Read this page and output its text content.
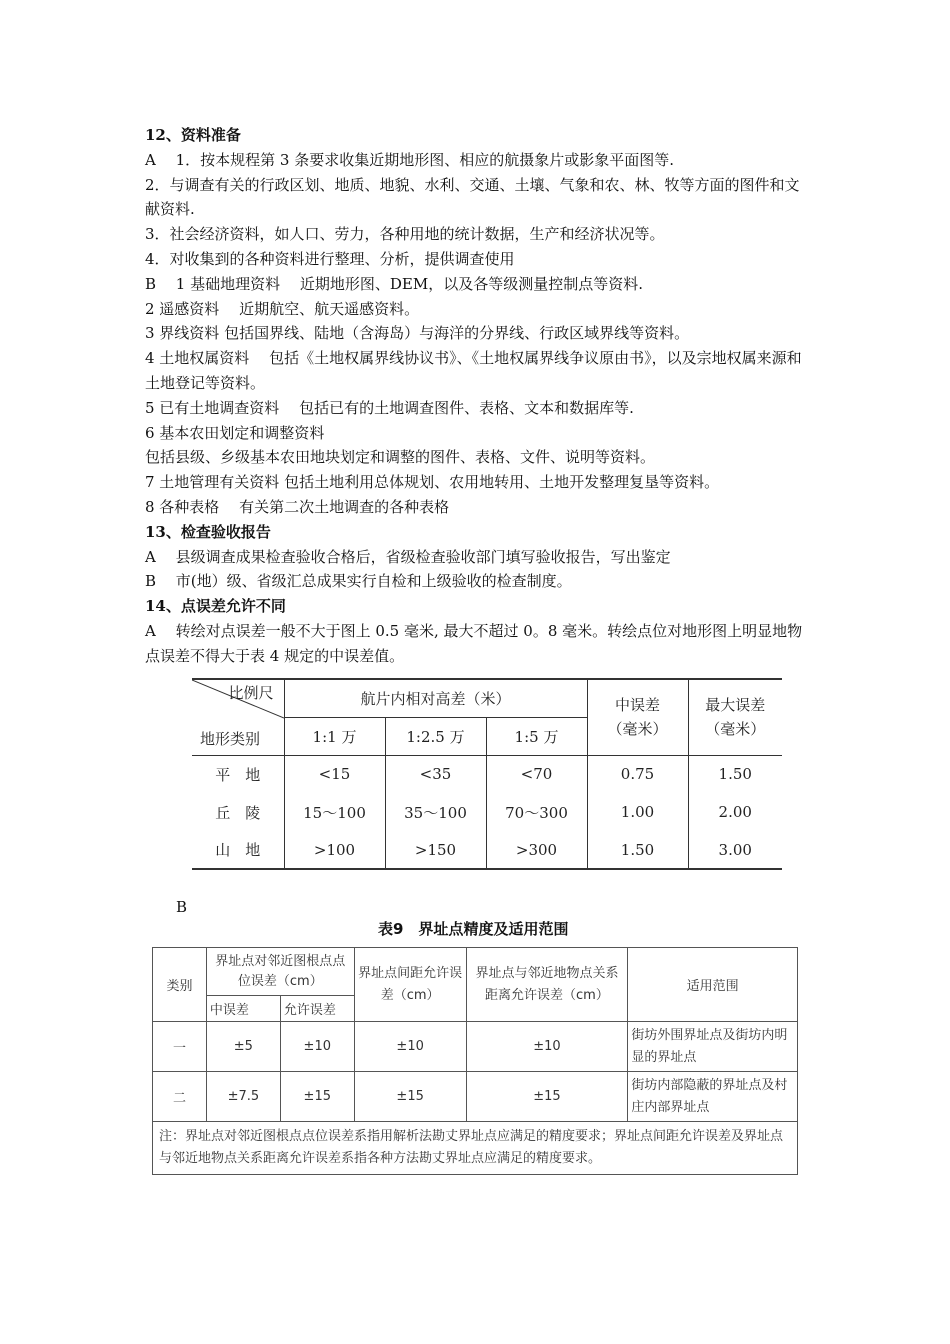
12、资料准备
A　 1．按本规程第 3 条要求收集近期地形图、相应的航摄象片或影象平面图等.
2．与调查有关的行政区划、地质、地貌、水利、交通、土壤、气象和农、林、牧等方面的图件和文献资料.
3．社会经济资料，如人口、劳力，各种用地的统计数据，生产和经济状况等。
4．对收集到的各种资料进行整理、分析，提供调查使用
B　 1 基础地理资料　 近期地形图、DEM，以及各等级测量控制点等资料.
2 遥感资料　 近期航空、航天遥感资料。
3 界线资料 包括国界线、陆地（含海岛）与海洋的分界线、行政区域界线等资料。
4 土地权属资料　 包括《土地权属界线协议书》、《土地权属界线争议原由书》，以及宗地权属来源和土地登记等资料。
5 已有土地调查资料　 包括已有的土地调查图件、表格、文本和数据库等.
6 基本农田划定和调整资料
包括县级、乡级基本农田地块划定和调整的图件、表格、文件、说明等资料。
7 土地管理有关资料 包括土地利用总体规划、农用地转用、土地开发整理复垦等资料。
8 各种表格　 有关第二次土地调查的各种表格
13、检查验收报告
A　 县级调查成果检查验收合格后，省级检查验收部门填写验收报告，写出鉴定
B　 市(地）级、省级汇总成果实行自检和上级验收的检查制度。
14、点误差允许不同
A　 转绘对点误差一般不大于图上 0.5 毫米, 最大不超过 0。8 毫米。转绘点位对地形图上明显地物点误差不得大于表 4 规定的中误差值。
比例尺
地形类别	航片内相对高差（米）			中误差（毫米）	最大误差（毫米）
	1:1 万	1:2.5 万	1:5 万		
平　地	<15	<35	<70	0.75	1.50
丘　陵	15～100	35～100	70～300	1.00	2.00
山　地	>100	>150	>300	1.50	3.00
B
表9　界址点精度及适用范围
类别	界址点对邻近图根点点位误差（cm）		界址点间距允许误差（cm）	界址点与邻近地物点关系距离允许误差（cm）	适用范围
	中误差	允许误差			
一	±5	±10	±10	±10	街坊外围界址点及街坊内明显的界址点
二	±7.5	±15	±15	±15	街坊内部隐蔽的界址点及村庄内部界址点
注：界址点对邻近图根点点位误差系指用解析法勘丈界址点应满足的精度要求；界址点间距允许误差及界址点与邻近地物点关系距离允许误差系指各种方法勘丈界址点应满足的精度要求。					
